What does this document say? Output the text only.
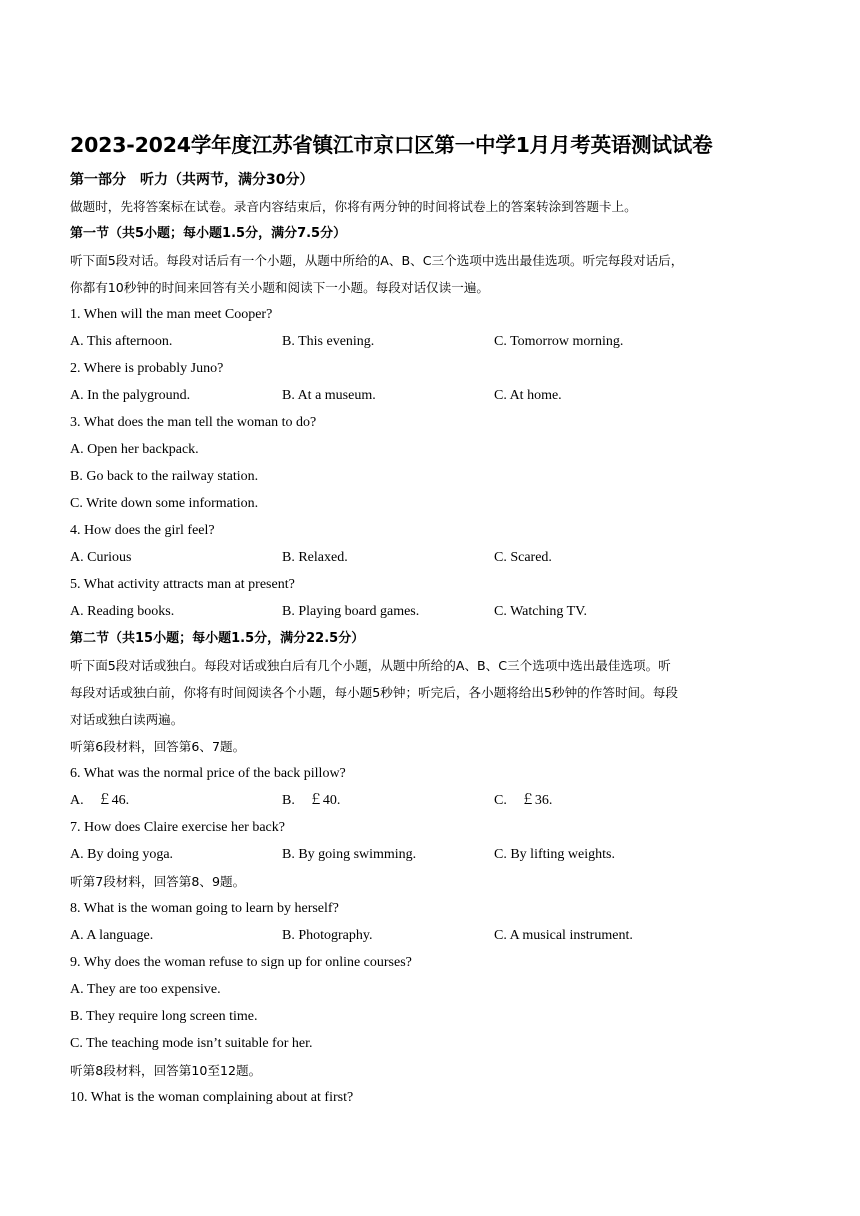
2023-2024学年度江苏省镇江市京口区第一中学1月月考英语测试试卷
第一部分　听力（共两节，满分30分）
做题时，先将答案标在试卷。录音内容结束后，你将有两分钟的时间将试卷上的答案转涂到答题卡上。
第一节（共5小题；每小题1.5分，满分7.5分）
听下面5段对话。每段对话后有一个小题，从题中所给的A、B、C三个选项中选出最佳选项。听完每段对话后，
你都有10秒钟的时间来回答有关小题和阅读下一小题。每段对话仅读一遍。
1. When will the man meet Cooper?
A. This afternoon.	B. This evening.	C. Tomorrow morning.
2. Where is probably Juno?
A. In the palyground.	B. At a museum.	C. At home.
3. What does the man tell the woman to do?
A. Open her backpack.
B. Go back to the railway station.
C. Write down some information.
4. How does the girl feel?
A. Curious	B. Relaxed.	C. Scared.
5. What activity attracts man at present?
A. Reading books.	B. Playing board games.	C. Watching TV.
第二节（共15小题；每小题1.5分，满分22.5分）
听下面5段对话或独白。每段对话或独白后有几个小题，从题中所给的A、B、C三个选项中选出最佳选项。听
每段对话或独白前，你将有时间阅读各个小题，每小题5秒钟；听完后，各小题将给出5秒钟的作答时间。每段
对话或独白读两遍。
听第6段材料，回答第6、7题。
6. What was the normal price of the back pillow?
A.　￡46.	B.　￡40.	C.　￡36.
7. How does Claire exercise her back?
A. By doing yoga.	B. By going swimming.	C. By lifting weights.
听第7段材料，回答第8、9题。
8. What is the woman going to learn by herself?
A. A language.	B. Photography.	C. A musical instrument.
9. Why does the woman refuse to sign up for online courses?
A. They are too expensive.
B. They require long screen time.
C. The teaching mode isn’t suitable for her.
听第8段材料，回答第10至12题。
10. What is the woman complaining about at first?
